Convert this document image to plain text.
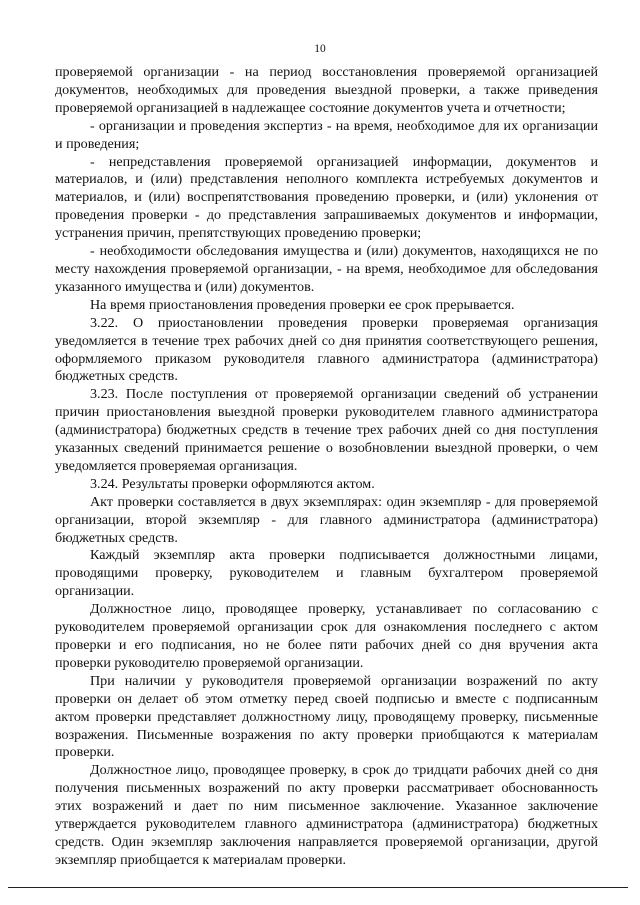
10

проверяемой организации - на период восстановления проверяемой организацией документов, необходимых для проведения выездной проверки, а также приведения проверяемой организацией в надлежащее состояние документов учета и отчетности;

- организации и проведения экспертиз - на время, необходимое для их организации и проведения;

- непредставления проверяемой организацией информации, документов и материалов, и (или) представления неполного комплекта истребуемых документов и материалов, и (или) воспрепятствования проведению проверки, и (или) уклонения от проведения проверки - до представления запрашиваемых документов и информации, устранения причин, препятствующих проведению проверки;

- необходимости обследования имущества и (или) документов, находящихся не по месту нахождения проверяемой организации, - на время, необходимое для обследования указанного имущества и (или) документов.

На время приостановления проведения проверки ее срок прерывается.

3.22. О приостановлении проведения проверки проверяемая организация уведомляется в течение трех рабочих дней со дня принятия соответствующего решения, оформляемого приказом руководителя главного администратора (администратора) бюджетных средств.

3.23. После поступления от проверяемой организации сведений об устранении причин приостановления выездной проверки руководителем главного администратора (администратора) бюджетных средств в течение трех рабочих дней со дня поступления указанных сведений принимается решение о возобновлении выездной проверки, о чем уведомляется проверяемая организация.

3.24. Результаты проверки оформляются актом.

Акт проверки составляется в двух экземплярах: один экземпляр - для проверяемой организации, второй экземпляр - для главного администратора (администратора) бюджетных средств.

Каждый экземпляр акта проверки подписывается должностными лицами, проводящими проверку, руководителем и главным бухгалтером проверяемой организации.

Должностное лицо, проводящее проверку, устанавливает по согласованию с руководителем проверяемой организации срок для ознакомления последнего с актом проверки и его подписания, но не более пяти рабочих дней со дня вручения акта проверки руководителю проверяемой организации.

При наличии у руководителя проверяемой организации возражений по акту проверки он делает об этом отметку перед своей подписью и вместе с подписанным актом проверки представляет должностному лицу, проводящему проверку, письменные возражения. Письменные возражения по акту проверки приобщаются к материалам проверки.

Должностное лицо, проводящее проверку, в срок до тридцати рабочих дней со дня получения письменных возражений по акту проверки рассматривает обоснованность этих возражений и дает по ним письменное заключение. Указанное заключение утверждается руководителем главного администратора (администратора) бюджетных средств. Один экземпляр заключения направляется проверяемой организации, другой экземпляр приобщается к материалам проверки.
